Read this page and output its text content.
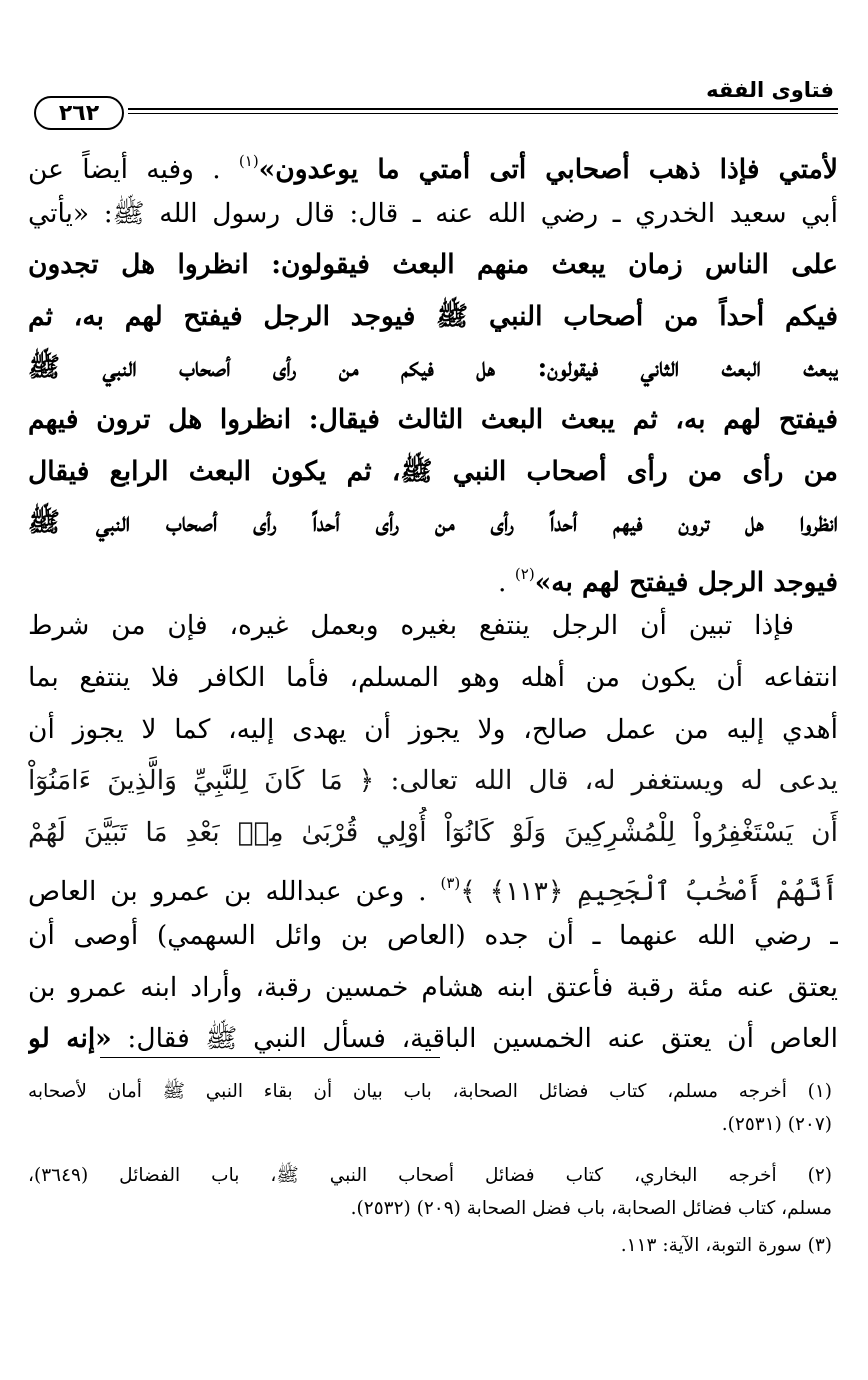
فتاوى الفقه
٢٦٢
لأمتي فإذا ذهب أصحابي أتى أمتي ما يوعدون»$^{(١)}$ . وفيه أيضاً عن
أبي سعيد الخدري ـ رضي الله عنه ـ قال: قال رسول الله ﷺ: «يأتي
على الناس زمان يبعث منهم البعث فيقولون: انظروا هل تجدون
فيكم أحداً من أصحاب النبي ﷺ فيوجد الرجل فيفتح لهم به، ثم
يبعث البعث الثاني فيقولون: هل فيكم من رأى أصحاب النبي ﷺ
فيفتح لهم به، ثم يبعث البعث الثالث فيقال: انظروا هل ترون فيهم
من رأى من رأى أصحاب النبي ﷺ، ثم يكون البعث الرابع فيقال
انظروا هل ترون فيهم أحداً رأى من رأى أحداً رأى أصحاب النبي ﷺ
فيوجد الرجل فيفتح لهم به»$^{(٢)}$ .
فإذا تبين أن الرجل ينتفع بغيره وبعمل غيره، فإن من شرط
انتفاعه أن يكون من أهله وهو المسلم، فأما الكافر فلا ينتفع بما
أهدي إليه من عمل صالح، ولا يجوز أن يهدى إليه، كما لا يجوز أن
يدعى له ويستغفر له، قال الله تعالى: ﴿ مَا كَانَ لِلنَّبِيِّ وَالَّذِينَ ءَامَنُوٓاْ
أَن يَسْتَغْفِرُواْ لِلْمُشْرِكِينَ وَلَوْ كَانُوٓاْ أُوْلِي قُرْبَىٰ مِنۢ بَعْدِ مَا تَبَيَّنَ لَهُمْ
أَنَّهُمْ أَصْحَٰبُ ٱلْجَحِيمِ ﴿١١٣﴾ ﴾$^{(٣)}$ . وعن عبدالله بن عمرو بن العاص
ـ رضي الله عنهما ـ أن جده (العاص بن وائل السهمي) أوصى أن
يعتق عنه مئة رقبة فأعتق ابنه هشام خمسين رقبة، وأراد ابنه عمرو بن
العاص أن يعتق عنه الخمسين الباقية، فسأل النبي ﷺ فقال: «إنه لو
(١) أخرجه مسلم، كتاب فضائل الصحابة، باب بيان أن بقاء النبي ﷺ أمان لأصحابه
(٢٠٧) (٢٥٣١).
(٢) أخرجه البخاري، كتاب فضائل أصحاب النبي ﷺ، باب الفضائل (٣٦٤٩)،
مسلم، كتاب فضائل الصحابة، باب فضل الصحابة (٢٠٩) (٢٥٣٢).
(٣) سورة التوبة، الآية: ١١٣.
